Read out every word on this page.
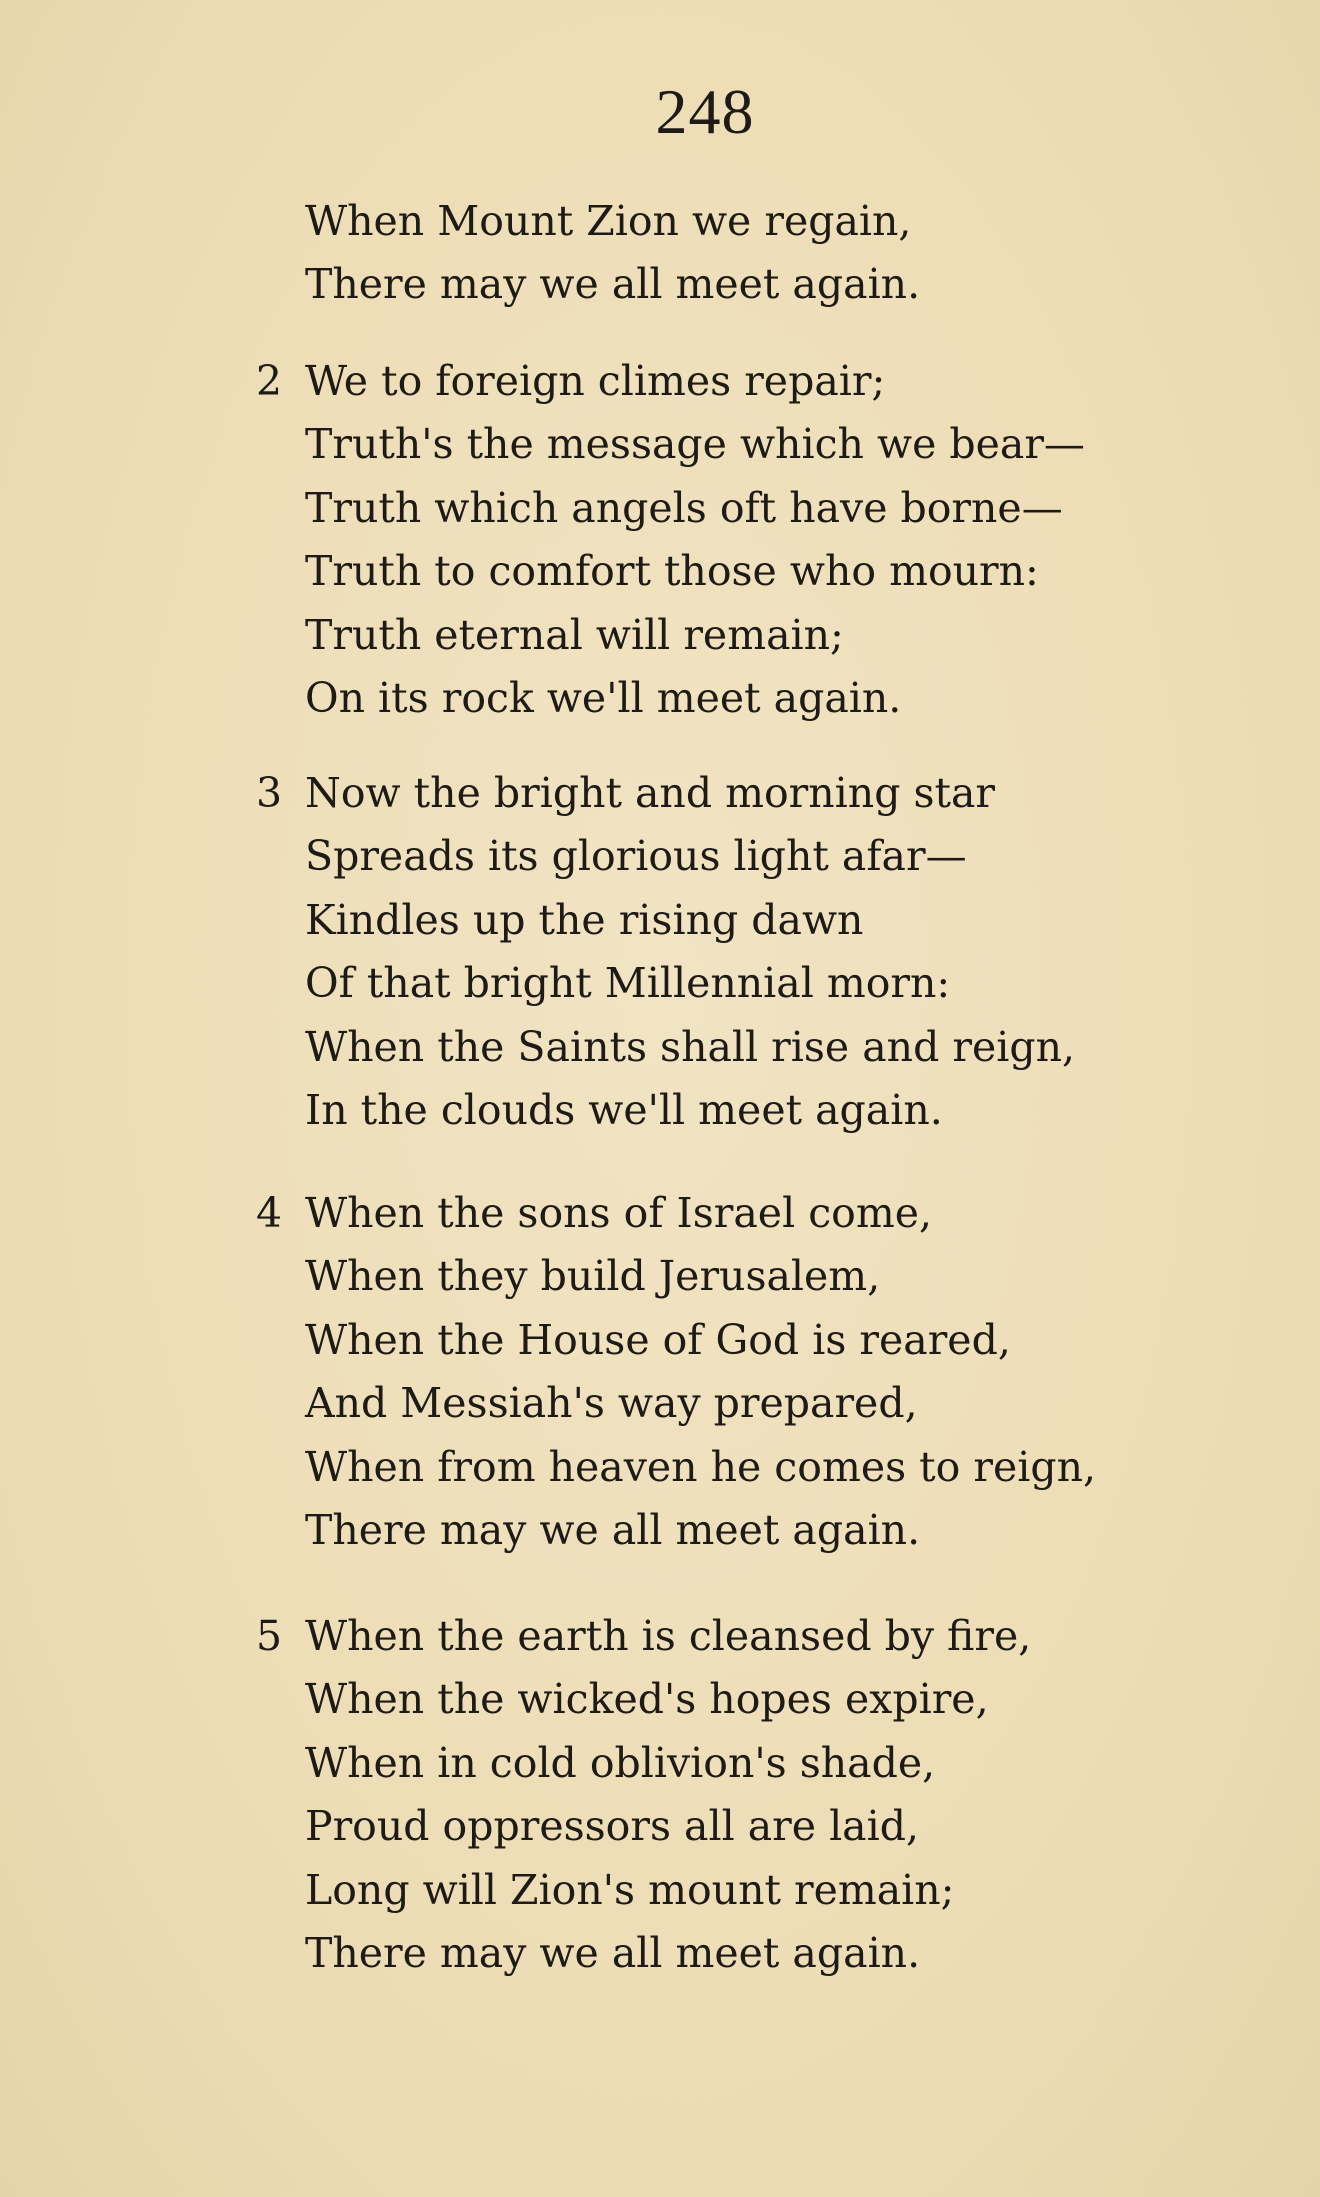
248
When Mount Zion we regain,
There may we all meet again.
2 We to foreign climes repair;
Truth's the message which we bear—
Truth which angels oft have borne—
Truth to comfort those who mourn:
Truth eternal will remain;
On its rock we'll meet again.
3 Now the bright and morning star
Spreads its glorious light afar—
Kindles up the rising dawn
Of that bright Millennial morn:
When the Saints shall rise and reign,
In the clouds we'll meet again.
4 When the sons of Israel come,
When they build Jerusalem,
When the House of God is reared,
And Messiah's way prepared,
When from heaven he comes to reign,
There may we all meet again.
5 When the earth is cleansed by fire,
When the wicked's hopes expire,
When in cold oblivion's shade,
Proud oppressors all are laid,
Long will Zion's mount remain;
There may we all meet again.
